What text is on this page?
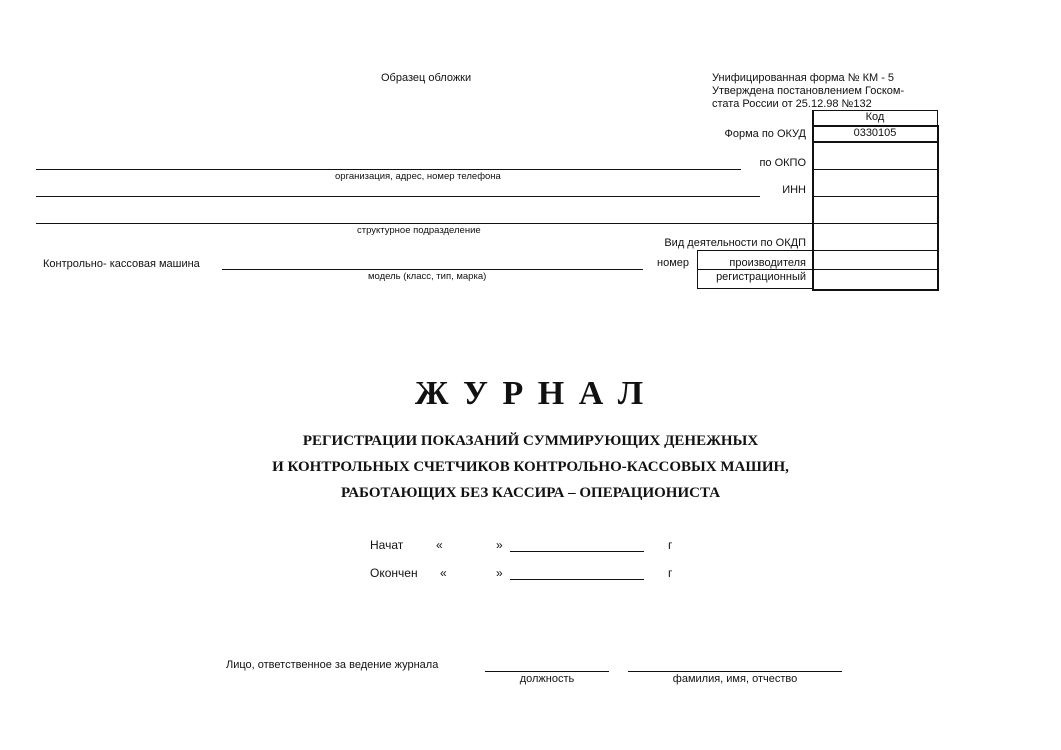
Образец обложки	Унифицированная форма № КМ - 5
Утверждена постановлением Госком-
стата России от 25.12.98 №132
Код
Форма по ОКУД	0330105
по ОКПО
ИНН
Вид деятельности по ОКДП
номер	производителя
регистрационный
организация, адрес, номер телефона
структурное подразделение
Контрольно- кассовая машина
модель (класс, тип, марка)
Ж У Р Н А Л
РЕГИСТРАЦИИ ПОКАЗАНИЙ СУММИРУЮЩИХ ДЕНЕЖНЫХ
И КОНТРОЛЬНЫХ СЧЕТЧИКОВ КОНТРОЛЬНО-КАССОВЫХ МАШИН,
РАБОТАЮЩИХ БЕЗ КАССИРА – ОПЕРАЦИОНИСТА
Начат	«	»	г
Окончен «	»	г
Лицо, ответственное за ведение журнала
должность	фамилия, имя, отчество
